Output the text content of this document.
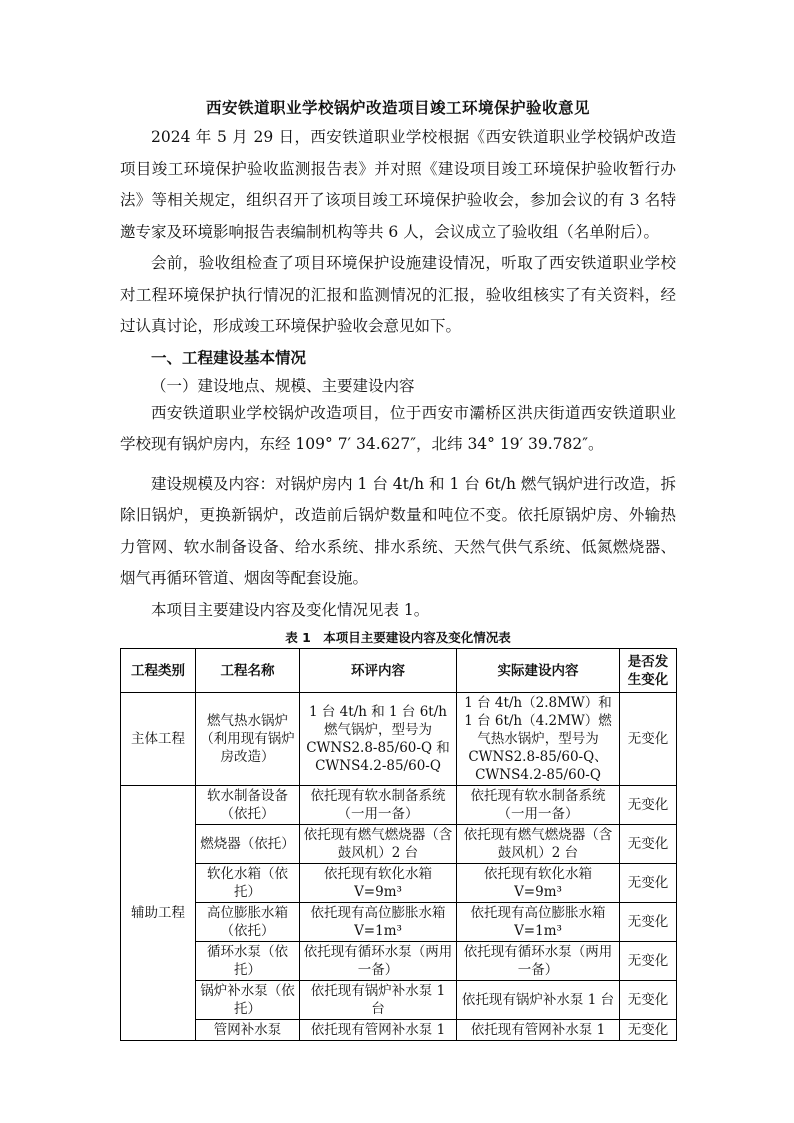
西安铁道职业学校锅炉改造项目竣工环境保护验收意见

2024 年 5 月 29 日，西安铁道职业学校根据《西安铁道职业学校锅炉改造项目竣工环境保护验收监测报告表》并对照《建设项目竣工环境保护验收暂行办法》等相关规定，组织召开了该项目竣工环境保护验收会，参加会议的有 3 名特邀专家及环境影响报告表编制机构等共 6 人，会议成立了验收组（名单附后）。

会前，验收组检查了项目环境保护设施建设情况，听取了西安铁道职业学校对工程环境保护执行情况的汇报和监测情况的汇报，验收组核实了有关资料，经过认真讨论，形成竣工环境保护验收会意见如下。

一、工程建设基本情况
（一）建设地点、规模、主要建设内容

西安铁道职业学校锅炉改造项目，位于西安市灞桥区洪庆街道西安铁道职业学校现有锅炉房内，东经 109° 7′ 34.627″，北纬 34° 19′ 39.782″。

建设规模及内容：对锅炉房内 1 台 4t/h 和 1 台 6t/h 燃气锅炉进行改造，拆除旧锅炉，更换新锅炉，改造前后锅炉数量和吨位不变。依托原锅炉房、外输热力管网、软水制备设备、给水系统、排水系统、天然气供气系统、低氮燃烧器、烟气再循环管道、烟囱等配套设施。

本项目主要建设内容及变化情况见表 1。

表 1　本项目主要建设内容及变化情况表
工程类别	工程名称	环评内容	实际建设内容	是否发生变化
主体工程	燃气热水锅炉（利用现有锅炉房改造）	1 台 4t/h 和 1 台 6t/h 燃气锅炉，型号为 CWNS2.8-85/60-Q 和 CWNS4.2-85/60-Q	1 台 4t/h（2.8MW）和 1 台 6t/h（4.2MW）燃气热水锅炉，型号为 CWNS2.8-85/60-Q、CWNS4.2-85/60-Q	无变化
辅助工程	软水制备设备（依托）	依托现有软水制备系统（一用一备）	依托现有软水制备系统（一用一备）	无变化
	燃烧器（依托）	依托现有燃气燃烧器（含鼓风机）2 台	依托现有燃气燃烧器（含鼓风机）2 台	无变化
	软化水箱（依托）	依托现有软化水箱 V=9m³	依托现有软化水箱 V=9m³	无变化
	高位膨胀水箱（依托）	依托现有高位膨胀水箱 V=1m³	依托现有高位膨胀水箱 V=1m³	无变化
	循环水泵（依托）	依托现有循环水泵（两用一备）	依托现有循环水泵（两用一备）	无变化
	锅炉补水泵（依托）	依托现有锅炉补水泵 1 台	依托现有锅炉补水泵 1 台	无变化
	管网补水泵	依托现有管网补水泵 1	依托现有管网补水泵 1	无变化
